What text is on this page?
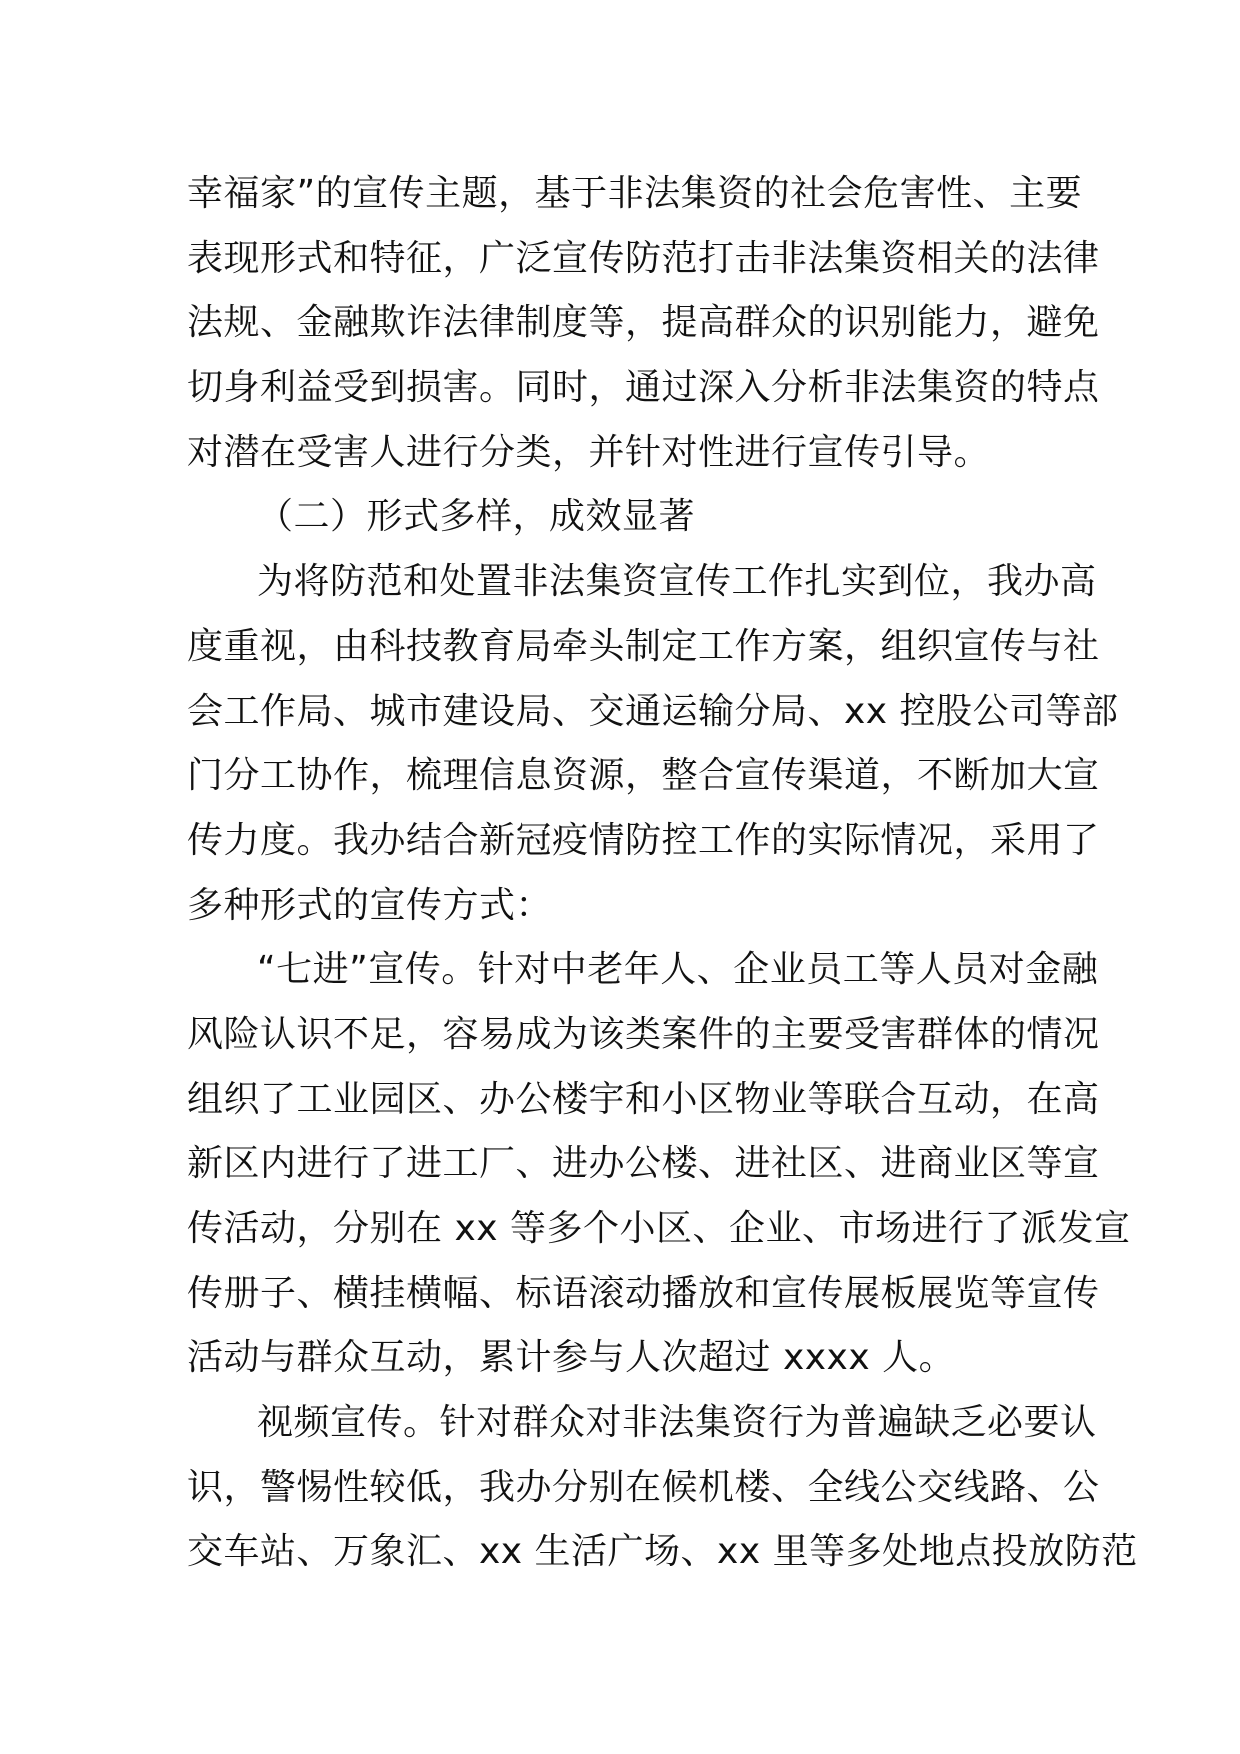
幸福家”的宣传主题，基于非法集资的社会危害性、主要
表现形式和特征，广泛宣传防范打击非法集资相关的法律
法规、金融欺诈法律制度等，提高群众的识别能力，避免
切身利益受到损害。同时，通过深入分析非法集资的特点
对潜在受害人进行分类，并针对性进行宣传引导。
（二）形式多样，成效显著
为将防范和处置非法集资宣传工作扎实到位，我办高
度重视，由科技教育局牵头制定工作方案，组织宣传与社
会工作局、城市建设局、交通运输分局、xx 控股公司等部
门分工协作，梳理信息资源，整合宣传渠道，不断加大宣
传力度。我办结合新冠疫情防控工作的实际情况，采用了
多种形式的宣传方式：
“七进”宣传。针对中老年人、企业员工等人员对金融
风险认识不足，容易成为该类案件的主要受害群体的情况
组织了工业园区、办公楼宇和小区物业等联合互动，在高
新区内进行了进工厂、进办公楼、进社区、进商业区等宣
传活动，分别在 xx 等多个小区、企业、市场进行了派发宣
传册子、横挂横幅、标语滚动播放和宣传展板展览等宣传
活动与群众互动，累计参与人次超过 xxxx 人。
视频宣传。针对群众对非法集资行为普遍缺乏必要认
识，警惕性较低，我办分别在候机楼、全线公交线路、公
交车站、万象汇、xx 生活广场、xx 里等多处地点投放防范
